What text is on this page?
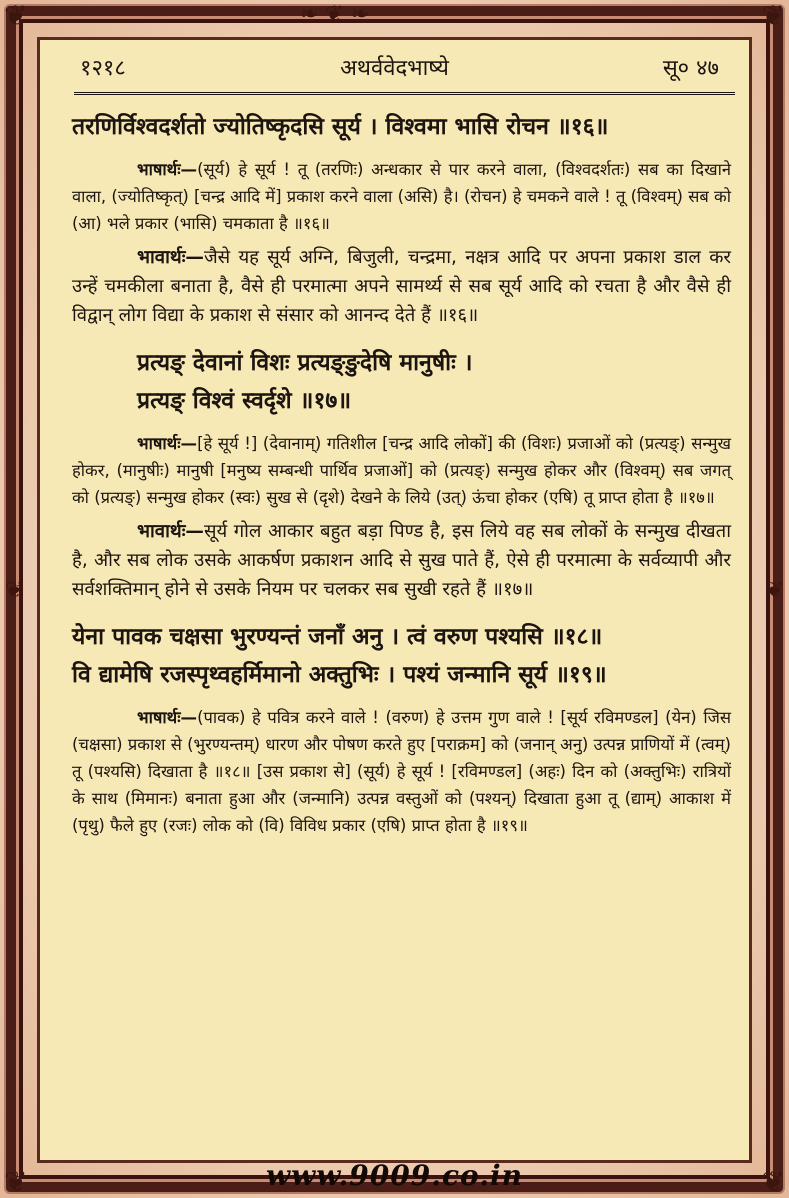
❦	❦
❦	❦
❧ ❦ ❧
❦	❦
१२१८	अथर्ववेदभाष्ये	सू० ४७
तरणिर्विश्वदर्शतो ज्योतिष्कृदसि सूर्य । विश्वमा भासि रोचन ॥१६॥
भाषार्थः—(सूर्य) हे सूर्य ! तू (तरणिः) अन्धकार से पार करने वाला, (विश्वदर्शतः) सब का दिखाने वाला, (ज्योतिष्कृत्) [चन्द्र आदि में] प्रकाश करने वाला (असि) है। (रोचन) हे चमकने वाले ! तू (विश्वम्) सब को (आ) भले प्रकार (भासि) चमकाता है ॥१६॥
भावार्थः—जैसे यह सूर्य अग्नि, बिजुली, चन्द्रमा, नक्षत्र आदि पर अपना प्रकाश डाल कर उन्हें चमकीला बनाता है, वैसे ही परमात्मा अपने सामर्थ्य से सब सूर्य आदि को रचता है और वैसे ही विद्वान् लोग विद्या के प्रकाश से संसार को आनन्द देते हैं ॥१६॥
प्रत्यङ् देवानां विशः प्रत्यङ्ङुदेषि मानुषीः ।
प्रत्यङ् विश्वं स्वर्दृशे ॥१७॥
भाषार्थः—[हे सूर्य !] (देवानाम्) गतिशील [चन्द्र आदि लोकों] की (विशः) प्रजाओं को (प्रत्यङ्) सन्मुख होकर, (मानुषीः) मानुषी [मनुष्य सम्बन्धी पार्थिव प्रजाओं] को (प्रत्यङ्) सन्मुख होकर और (विश्वम्) सब जगत् को (प्रत्यङ्) सन्मुख होकर (स्वः) सुख से (दृशे) देखने के लिये (उत्) ऊंचा होकर (एषि) तू प्राप्त होता है ॥१७॥
भावार्थः—सूर्य गोल आकार बहुत बड़ा पिण्ड है, इस लिये वह सब लोकों के सन्मुख दीखता है, और सब लोक उसके आकर्षण प्रकाशन आदि से सुख पाते हैं, ऐसे ही परमात्मा के सर्वव्यापी और सर्वशक्तिमान् होने से उसके नियम पर चलकर सब सुखी रहते हैं ॥१७॥
येना पावक चक्षसा भुरण्यन्तं जनाँ अनु । त्वं वरुण पश्यसि ॥१८॥
वि द्यामेषि रजस्पृथ्वहर्मिमानो अक्तुभिः । पश्यं जन्मानि सूर्य ॥१९॥
भाषार्थः—(पावक) हे पवित्र करने वाले ! (वरुण) हे उत्तम गुण वाले ! [सूर्य रविमण्डल] (येन) जिस (चक्षसा) प्रकाश से (भुरण्यन्तम्) धारण और पोषण करते हुए [पराक्रम] को (जनान् अनु) उत्पन्न प्राणियों में (त्वम्) तू (पश्यसि) दिखाता है ॥१८॥ [उस प्रकाश से] (सूर्य) हे सूर्य ! [रविमण्डल] (अहः) दिन को (अक्तुभिः) रात्रियों के साथ (मिमानः) बनाता हुआ और (जन्मानि) उत्पन्न वस्तुओं को (पश्यन्) दिखाता हुआ तू (द्याम्) आकाश में (पृथु) फैले हुए (रजः) लोक को (वि) विविध प्रकार (एषि) प्राप्त होता है ॥१९॥
www.9009.co.in
